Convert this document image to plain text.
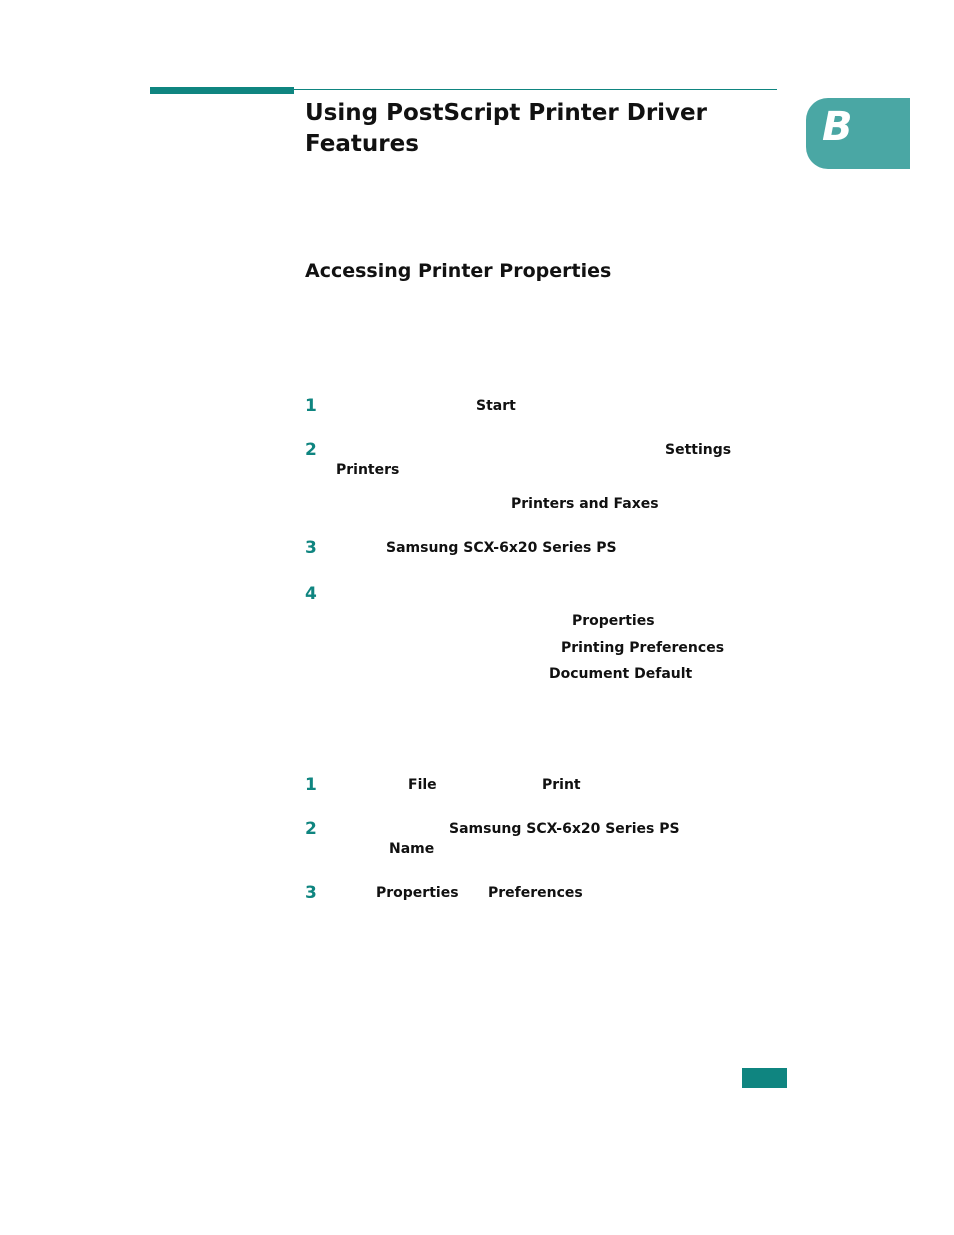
B
Using PostScript Printer Driver Features
Accessing Printer Properties
1	Start
2	Settings
Printers
Printers and Faxes
3	Samsung SCX-6x20 Series PS
4
Properties
Printing Preferences
Document Default
1	File	Print
2	Samsung SCX-6x20 Series PS
Name
3	Properties Preferences
